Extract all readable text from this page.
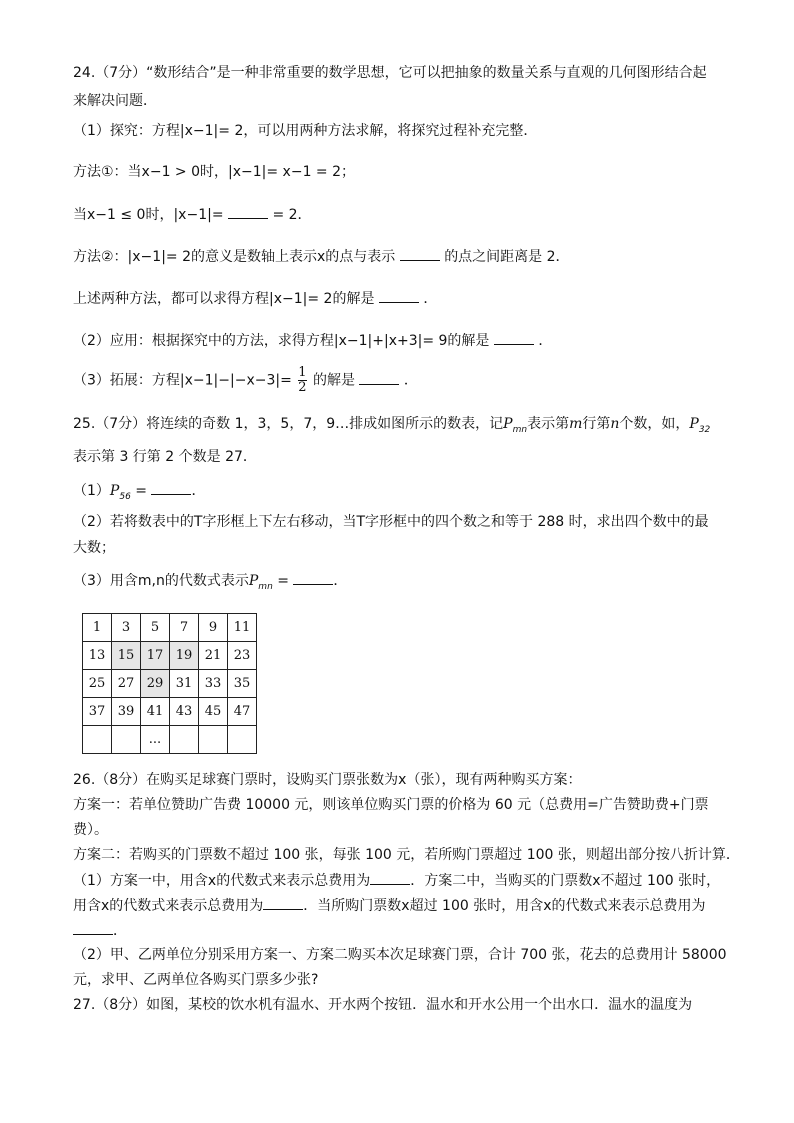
24.（7分）“数形结合”是一种非常重要的数学思想，它可以把抽象的数量关系与直观的几何图形结合起
来解决问题．
（1）探究：方程|x−1|= 2，可以用两种方法求解，将探究过程补充完整．
方法①：当x−1 > 0时，|x−1|= x−1 = 2；
当x−1 ≤ 0时，|x−1|=	= 2．
方法②：|x−1|= 2的意义是数轴上表示x的点与表示	的点之间距离是 2．
上述两种方法，都可以求得方程|x−1|= 2的解是	．
（2）应用：根据探究中的方法，求得方程|x−1|+|x+3|= 9的解是	．
（3）拓展：方程$|x-1|-|-x-3|= \frac{1}{2}$ 的解是	．
25.（7分）将连续的奇数 1，3，5，7，9…排成如图所示的数表，记$P_{mn}$表示第m行第n个数，如，$P_{32}$
表示第 3 行第 2 个数是 27．
$(1)P_{56}$ =	．
（2）若将数表中的T字形框上下左右移动，当T字形框中的四个数之和等于 288 时，求出四个数中的最
大数；
（3）用含m,n的代数式表示$P_{mn}$ =	．
1	3	5	7	9	11
13	15	17	19	21	23
25	27	29	31	33	35
37	39	41	43	45	47
		...			
26.（8分）在购买足球赛门票时，设购买门票张数为x（张），现有两种购买方案：
方案一：若单位赞助广告费 10000 元，则该单位购买门票的价格为 60 元（总费用=广告赞助费+门票
费）。
方案二：若购买的门票数不超过 100 张，每张 100 元，若所购门票超过 100 张，则超出部分按八折计算．
（1）方案一中，用含x的代数式来表示总费用为	．方案二中，当购买的门票数x不超过 100 张时，
用含x的代数式来表示总费用为	．当所购门票数x超过 100 张时，用含x的代数式来表示总费用为
．
（2）甲、乙两单位分别采用方案一、方案二购买本次足球赛门票，合计 700 张，花去的总费用计 58000
元，求甲、乙两单位各购买门票多少张?
27.（8分）如图，某校的饮水机有温水、开水两个按钮．温水和开水公用一个出水口．温水的温度为
